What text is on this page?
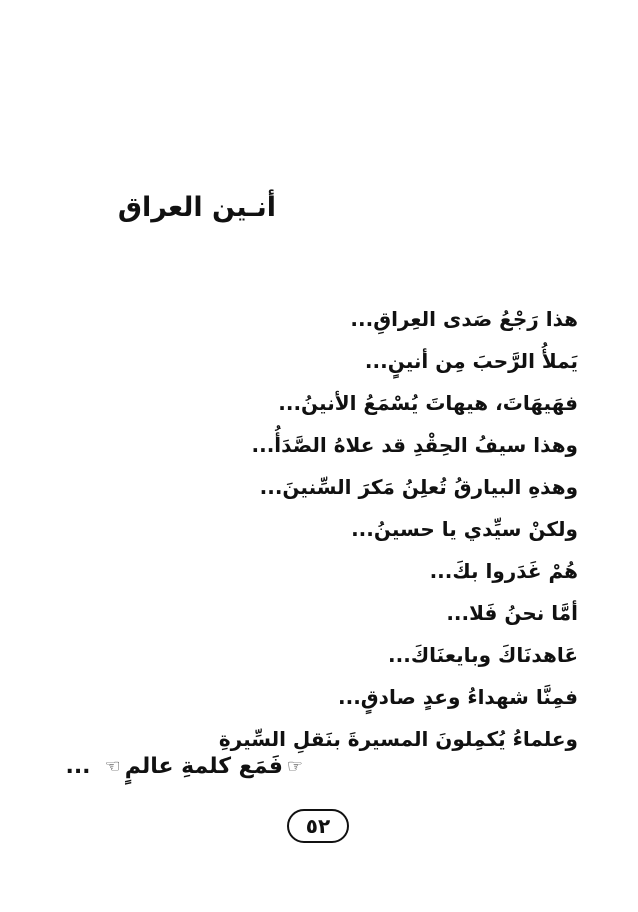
أنـين العراق
هذا رَجْعُ صَدى العِراقِ...
يَملأُ الرَّحبَ مِن أنينٍ...
فهَيهَاتَ، هيهاتَ يُسْمَعُ الأنينُ...
وهذا سيفُ الحِقْدِ قد علاهُ الصَّدَأُ...
وهذهِ البيارقُ تُعلِنُ مَكرَ السِّنينَ...
ولكنْ سيِّدي يا حسينُ...
هُمْ غَدَروا بكَ...
أمَّا نحنُ فَلا...
عَاهدنَاكَ وبايعنَاكَ...
فمِنَّا شهداءُ وعدٍ صادقٍ...
وعلماءُ يُكمِلونَ المسيرةَ بنَقلِ السِّيرةِ
☞
فَمَع كلمةِ عالمٍ
☜
...
٥٢
